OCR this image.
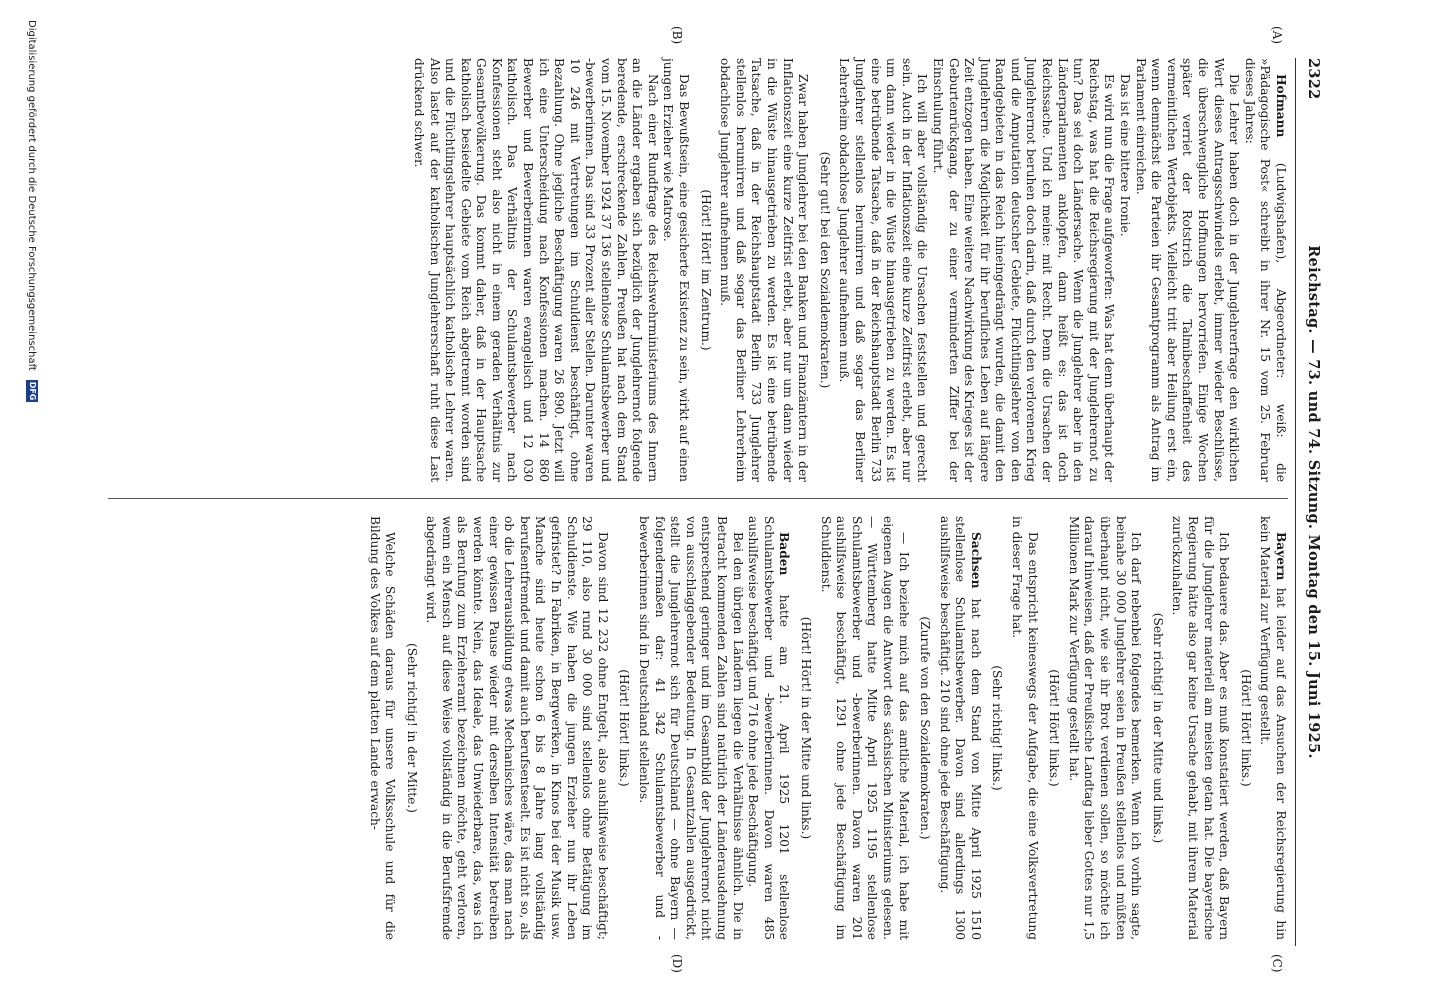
2322
Reichstag. — 73. und 74. Sitzung. Montag den 15. Juni 1925.
(A)
(B)
(C)
(D)

Hofmann (Ludwigshafen), Abgeordneter: weiß: die »Pädagogische Post« schreibt in ihrer Nr. 15 vom 25. Februar dieses Jahres:

Die Lehrer haben doch in der Junglehrerfrage den wirklichen Wert dieses Antragsschwindels erlebt, immer wieder Beschlüsse, die überschwengliche Hoffnungen hervorriefen. Einige Wochen später verriet der Rotstrich die Talmibeschaffenheit des vermeintlichen Wertobjekts. Vielleicht tritt aber Heilung erst ein, wenn demnächst die Parteien ihr Gesamtprogramm als Antrag im Parlament einreichen.

Das ist eine bittere Ironie.

Es wird nun die Frage aufgeworfen: Was hat denn überhaupt der Reichstag, was hat die Reichsregierung mit der Junglehrernot zu tun? Das sei doch Ländersache. Wenn die Junglehrer aber in den Länderparlamenten anklopfen, dann heißt es: das ist doch Reichssache. Und ich meine: mit Recht. Denn die Ursachen der Junglehrernot beruhen doch darin, daß durch den verlorenen Krieg und die Amputation deutscher Gebiete, Flüchtlingslehrer von den Randgebieten in das Reich hineingedrängt wurden, die damit den Junglehrern die Möglichkeit für ihr berufliches Leben auf längere Zeit entzogen haben. Eine weitere Nachwirkung des Krieges ist der Geburtenrückgang, der zu einer verminderten Ziffer bei der Einschulung führt.

Ich will aber vollständig die Ursachen feststellen und gerecht sein. Auch in der Inflationszeit eine kurze Zeitfrist erlebt, aber nur um dann wieder in die Wüste hinausgetrieben zu werden. Es ist eine betrübende Tatsache, daß in der Reichshauptstadt Berlin 733 Junglehrer stellenlos herumirren und daß sogar das Berliner Lehrerheim obdachlose Junglehrer aufnehmen muß.

(Sehr gut! bei den Sozialdemokraten.)

Zwar haben Junglehrer bei den Banken und Finanzämtern in der Inflationszeit eine kurze Zeitfrist erlebt, aber nur um dann wieder in die Wüste hinausgetrieben zu werden. Es ist eine betrübende Tatsache, daß in der Reichshauptstadt Berlin 733 Junglehrer stellenlos herumirren und daß sogar das Berliner Lehrerheim obdachlose Junglehrer aufnehmen muß.

(Hört! Hört! im Zentrum.)

Das Bewußtsein, eine gesicherte Existenz zu sein, wirkt auf einen jungen Erzieher wie Matrose.

Nach einer Rundfrage des Reichswehrministeriums des Innern an die Länder ergaben sich bezüglich der Junglehrernot folgende beredende, erschreckende Zahlen. Preußen hat nach dem Stand vom 15. November 1924 37 136 stellenlose Schulamtsbewerber und -bewerberinnen. Das sind 33 Prozent aller Stellen. Darunter waren 10 246 mit Vertretungen im Schuldienst beschäftigt, ohne Bezahlung. Ohne jegliche Beschäftigung waren 26 890. Jetzt will ich eine Unterscheidung nach Konfessionen machen. 14 860 Bewerber und Bewerberinnen waren evangelisch und 12 030 katholisch. Das Verhältnis der Schulamtsbewerber nach Konfessionen steht also nicht in einem geraden Verhältnis zur Gesamtbevölkerung. Das kommt daher, daß in der Hauptsache katholisch besiedelte Gebiete vom Reich abgetrennt worden sind und die Flüchtlingslehrer hauptsächlich katholische Lehrer waren. Also lastet auf der katholischen Junglehrerschaft ruht diese Last drückend schwer.

Bayern hat leider auf das Ansuchen der Reichsregierung hin kein Material zur Verfügung gestellt.

(Hört! Hört! links.)

Ich bedauere das. Aber es muß konstatiert werden, daß Bayern für die Junglehrer materiell am meisten getan hat. Die bayerische Regierung hätte also gar keine Ursache gehabt, mit ihrem Material zurückzuhalten.

(Sehr richtig! in der Mitte und links.)

Ich darf nebenbei folgendes bemerken. Wenn ich vorhin sagte, beinahe 30 000 Junglehrer seien in Preußen stellenlos und müßten überhaupt nicht, wie sie ihr Brot verdienen sollen, so möchte ich darauf hinweisen, daß der Preußische Landtag lieber Gottes nur 1,5 Millionen Mark zur Verfügung gestellt hat.

(Hört! Hört! links.)

Das entspricht keineswegs der Aufgabe, die eine Volksvertretung in dieser Frage hat.

(Sehr richtig! links.)

Sachsen hat nach dem Stand von Mitte April 1925 1510 stellenlose Schulamtsbewerber. Davon sind allerdings 1300 aushilfsweise beschäftigt. 210 sind ohne jede Beschäftigung.

(Zurufe von den Sozialdemokraten.)

— Ich beziehe mich auf das amtliche Material, ich habe mit eigenen Augen die Antwort des sächsischen Ministeriums gelesen. — Württemberg hatte Mitte April 1925 1195 stellenlose Schulamtsbewerber und -bewerberinnen. Davon waren 201 aushilfsweise beschäftigt, 1291 ohne jede Beschäftigung im Schuldienst.

(Hört! Hört! in der Mitte und links.)

Baden hatte am 21. April 1925 1201 stellenlose Schulamtsbewerber und -bewerberinnen. Davon waren 485 aushilfsweise beschäftigt und 716 ohne jede Beschäftigung.

Bei den übrigen Ländern liegen die Verhältnisse ähnlich. Die in Betracht kommenden Zahlen sind natürlich der Länderausdehnung entsprechend geringer und im Gesamtbild der Junglehrernot nicht von ausschlaggebender Bedeutung. In Gesamtzahlen ausgedrückt, stellt die Junglehrernot sich für Deutschland — ohne Bayern — folgendermaßen dar: 41 342 Schulamtsbewerber und -bewerberinnen sind in Deutschland stellenlos.

(Hört! Hört! links.)

Davon sind 12 232 ohne Entgelt, also aushilfsweise beschäftigt; 29 110, also rund 30 000 sind stellenlos ohne Betätigung im Schuldienste. Wie haben die jungen Erzieher nun ihr Leben gefristet? In Fabriken, in Bergwerken, in Kinos bei der Musik usw. Manche sind heute schon 6 bis 8 Jahre lang vollständig berufsentfremdet und damit auch berufsentseelt. Es ist nicht so, als ob die Lehrerausbildung etwas Mechanisches wäre, das man nach einer gewissen Pause wieder mit derselben Intensität betreiben werden könnte. Nein, das Ideale, das Unwiederbare, das, was ich als Berufung zum Erzieheramt bezeichnen möchte, geht verloren, wenn ein Mensch auf diese Weise vollständig in die Berufsfremde abgedrängt wird.

(Sehr richtig! in der Mitte.)

Welche Schäden daraus für unsere Volksschule und für die Bildung des Volkes auf dem platten Lande erwach-

Digitalisierung gefördert durch die Deutsche Forschungsgemeinschaft DFG
